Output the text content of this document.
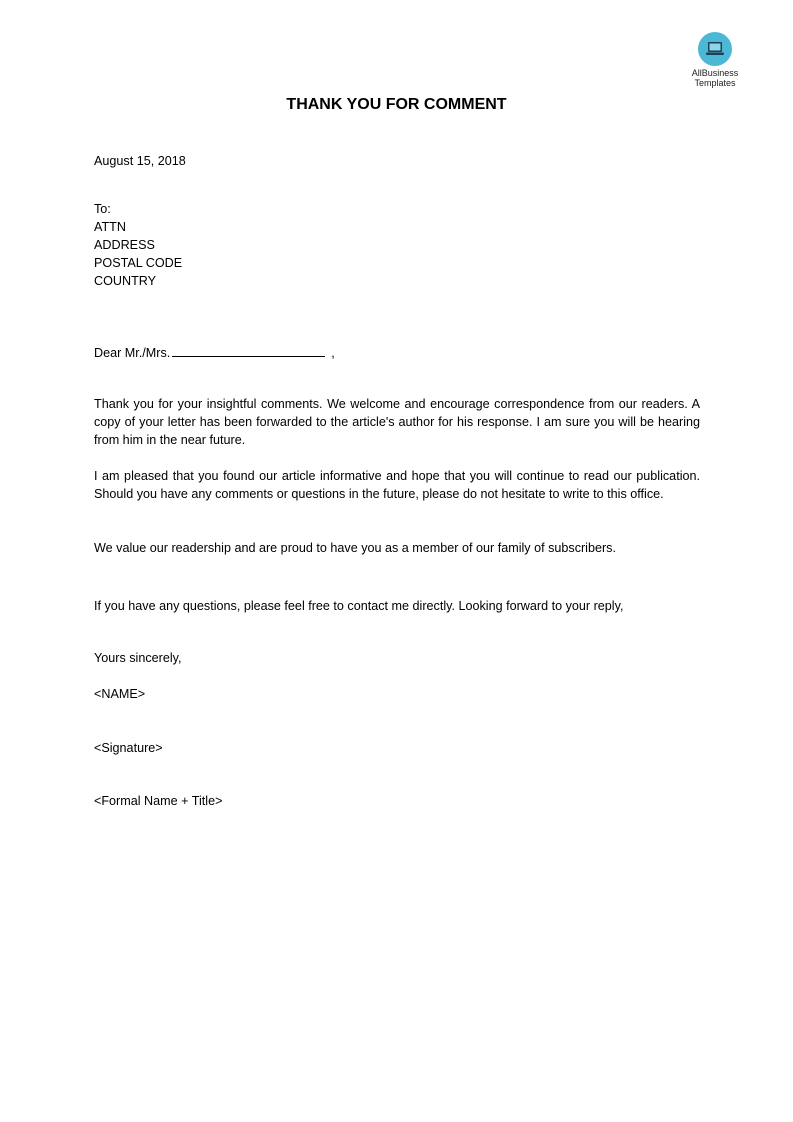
AllBusiness
Templates
THANK YOU FOR COMMENT
August 15, 2018
To:
ATTN
ADDRESS
POSTAL CODE
COUNTRY
Dear Mr./Mrs.	,
Thank you for your insightful comments. We welcome and encourage correspondence from our readers. A copy of your letter has been forwarded to the article's author for his response. I am sure you will be hearing from him in the near future.
I am pleased that you found our article informative and hope that you will continue to read our publication. Should you have any comments or questions in the future, please do not hesitate to write to this office.
We value our readership and are proud to have you as a member of our family of subscribers.
If you have any questions, please feel free to contact me directly. Looking forward to your reply,
Yours sincerely,
<NAME>
<Signature>
<Formal Name + Title>
